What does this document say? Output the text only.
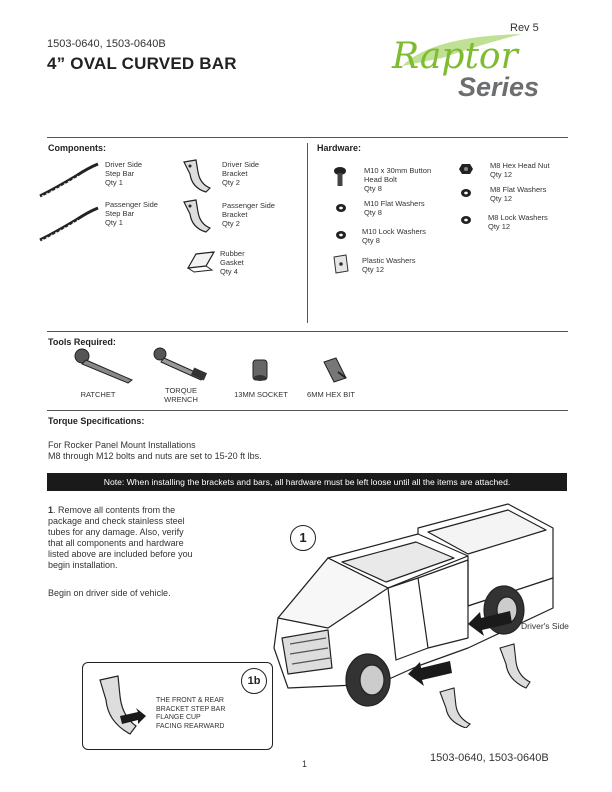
1503-0640, 1503-0640B
4” OVAL CURVED BAR
Rev 5
Raptor
Series
Components:
Driver Side
Step Bar
Qty 1
Passenger Side
Step Bar
Qty 1
Driver Side
Bracket
Qty 2
Passenger Side
Bracket
Qty 2
Rubber
Gasket
Qty 4
Hardware:
M10 x 30mm Button
Head Bolt
Qty 8
M10 Flat Washers
Qty 8
M10 Lock Washers
Qty 8
Plastic Washers
Qty 12
M8 Hex Head Nut
Qty 12
M8 Flat Washers
Qty 12
M8 Lock Washers
Qty 12
Tools Required:
RATCHET	TORQUE
WRENCH
13MM SOCKET	6MM HEX BIT
Torque Specifications:
For Rocker Panel Mount Installations
M8 through M12 bolts and nuts are set to 15-20 ft lbs.
Note: When installing the brackets and bars, all hardware must be left loose until all the items are attached.
1. Remove all contents from the
package and check stainless steel
tubes for any damage. Also, verify
that all components and hardware
listed above are included before you
begin installation.
Begin on driver side of vehicle.
1
Driver's Side
1b
THE FRONT & REAR
BRACKET STEP BAR
FLANGE CUP
FACING REARWARD
1	1503-0640, 1503-0640B
